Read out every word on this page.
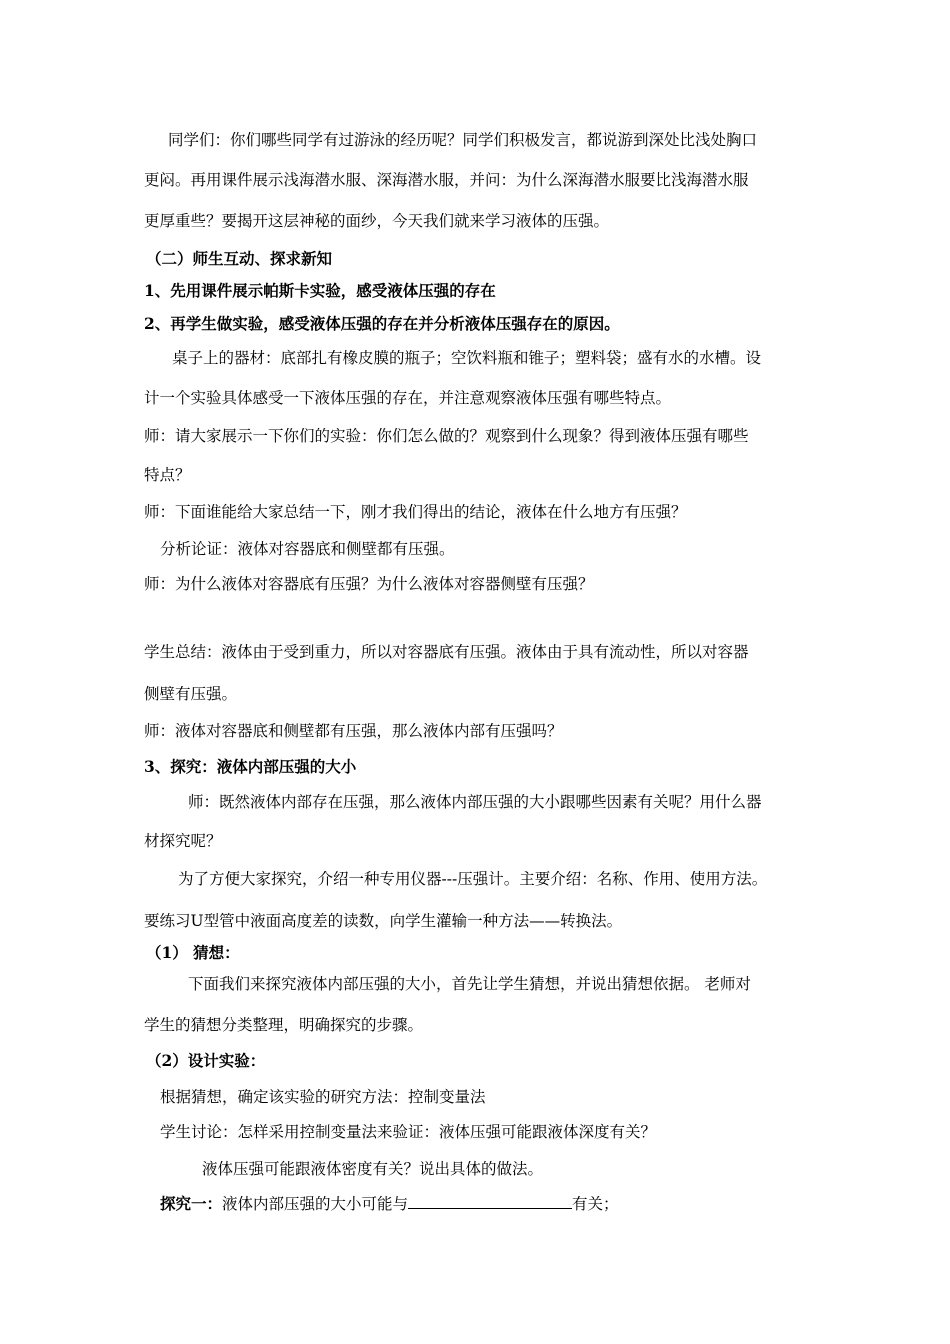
同学们：你们哪些同学有过游泳的经历呢？同学们积极发言，都说游到深处比浅处胸口
更闷。再用课件展示浅海潜水服、深海潜水服，并问：为什么深海潜水服要比浅海潜水服
更厚重些？要揭开这层神秘的面纱，今天我们就来学习液体的压强。
（二）师生互动、探求新知
1、先用课件展示帕斯卡实验，感受液体压强的存在
2、再学生做实验，感受液体压强的存在并分析液体压强存在的原因。
桌子上的器材：底部扎有橡皮膜的瓶子；空饮料瓶和锥子；塑料袋；盛有水的水槽。设
计一个实验具体感受一下液体压强的存在，并注意观察液体压强有哪些特点。
师：请大家展示一下你们的实验：你们怎么做的？观察到什么现象？得到液体压强有哪些
特点？
师：下面谁能给大家总结一下，刚才我们得出的结论，液体在什么地方有压强？
分析论证：液体对容器底和侧壁都有压强。
师：为什么液体对容器底有压强？为什么液体对容器侧壁有压强？
学生总结：液体由于受到重力，所以对容器底有压强。液体由于具有流动性，所以对容器
侧壁有压强。
师：液体对容器底和侧壁都有压强，那么液体内部有压强吗？
3、探究：液体内部压强的大小
师：既然液体内部存在压强，那么液体内部压强的大小跟哪些因素有关呢？用什么器
材探究呢？
为了方便大家探究，介绍一种专用仪器---压强计。主要介绍：名称、作用、使用方法。
要练习U型管中液面高度差的读数，向学生灌输一种方法——转换法。
（1） 猜想：
下面我们来探究液体内部压强的大小，首先让学生猜想，并说出猜想依据。 老师对
学生的猜想分类整理，明确探究的步骤。
（2）设计实验：
根据猜想，确定该实验的研究方法：控制变量法
学生讨论：怎样采用控制变量法来验证：液体压强可能跟液体深度有关？
液体压强可能跟液体密度有关？说出具体的做法。
探究一：液体内部压强的大小可能与	有关；
